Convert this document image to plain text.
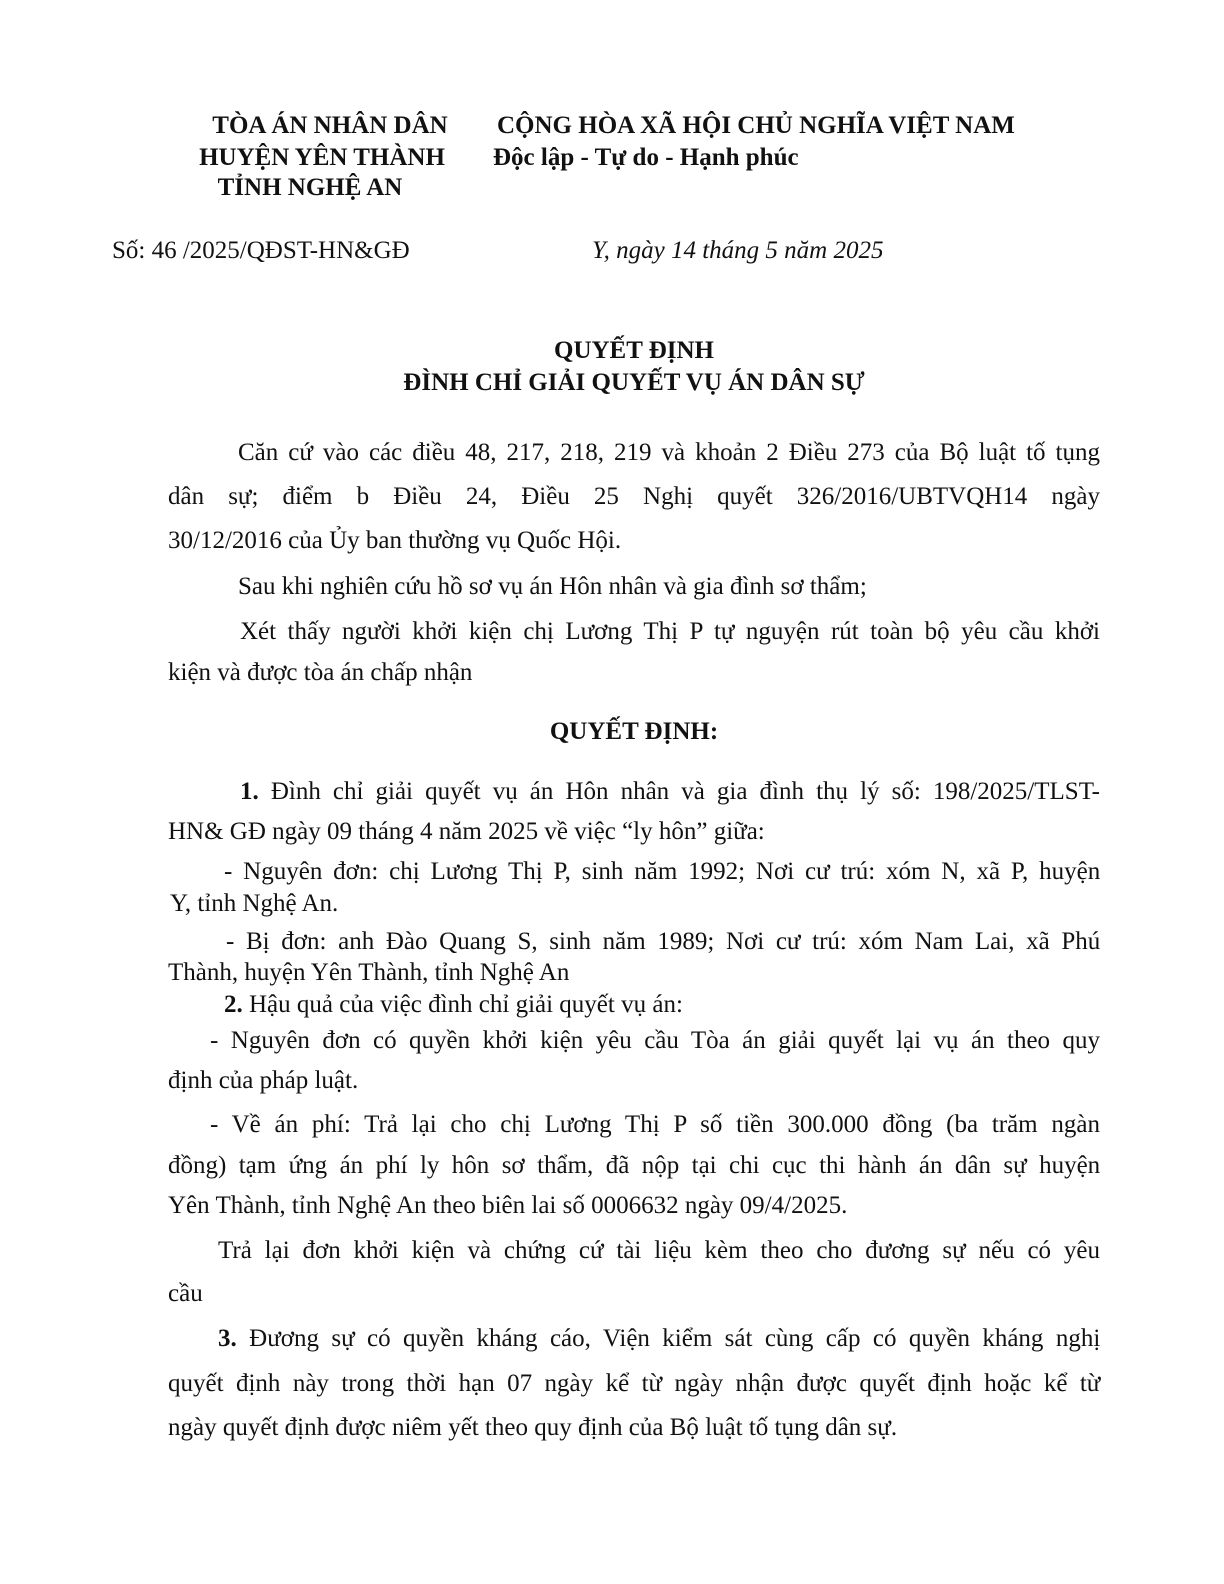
TÒA ÁN NHÂN DÂN
HUYỆN YÊN THÀNH
TỈNH NGHỆ AN
CỘNG HÒA XÃ HỘI CHỦ NGHĨA VIỆT NAM
Độc lập - Tự do - Hạnh phúc
Số: 46 /2025/QĐST-HN&GĐ	Y, ngày 14 tháng 5 năm 2025
QUYẾT ĐỊNH
ĐÌNH CHỈ GIẢI QUYẾT VỤ ÁN DÂN SỰ
Căn cứ vào các điều 48, 217, 218, 219 và khoản 2 Điều 273 của Bộ luật tố tụng
dân sự; điểm b Điều 24, Điều 25 Nghị quyết 326/2016/UBTVQH14 ngày
30/12/2016 của Ủy ban thường vụ Quốc Hội.
Sau khi nghiên cứu hồ sơ vụ án Hôn nhân và gia đình sơ thẩm;
Xét thấy người khởi kiện chị Lương Thị P tự nguyện rút toàn bộ yêu cầu khởi
kiện và được tòa án chấp nhận
QUYẾT ĐỊNH:
1. Đình chỉ giải quyết vụ án Hôn nhân và gia đình thụ lý số: 198/2025/TLST-
HN& GĐ ngày 09 tháng 4 năm 2025 về việc “ly hôn” giữa:
- Nguyên đơn: chị Lương Thị P, sinh năm 1992; Nơi cư trú: xóm N, xã P, huyện
Y, tỉnh Nghệ An.
- Bị đơn: anh Đào Quang S, sinh năm 1989; Nơi cư trú: xóm Nam Lai, xã Phú
Thành, huyện Yên Thành, tỉnh Nghệ An
2. Hậu quả của việc đình chỉ giải quyết vụ án:
- Nguyên đơn có quyền khởi kiện yêu cầu Tòa án giải quyết lại vụ án theo quy
định của pháp luật.
- Về án phí: Trả lại cho chị Lương Thị P số tiền 300.000 đồng (ba trăm ngàn
đồng) tạm ứng án phí ly hôn sơ thẩm, đã nộp tại chi cục thi hành án dân sự huyện
Yên Thành, tỉnh Nghệ An theo biên lai số 0006632 ngày 09/4/2025.
Trả lại đơn khởi kiện và chứng cứ tài liệu kèm theo cho đương sự nếu có yêu
cầu
3. Đương sự có quyền kháng cáo, Viện kiểm sát cùng cấp có quyền kháng nghị
quyết định này trong thời hạn 07 ngày kể từ ngày nhận được quyết định hoặc kể từ
ngày quyết định được niêm yết theo quy định của Bộ luật tố tụng dân sự.
